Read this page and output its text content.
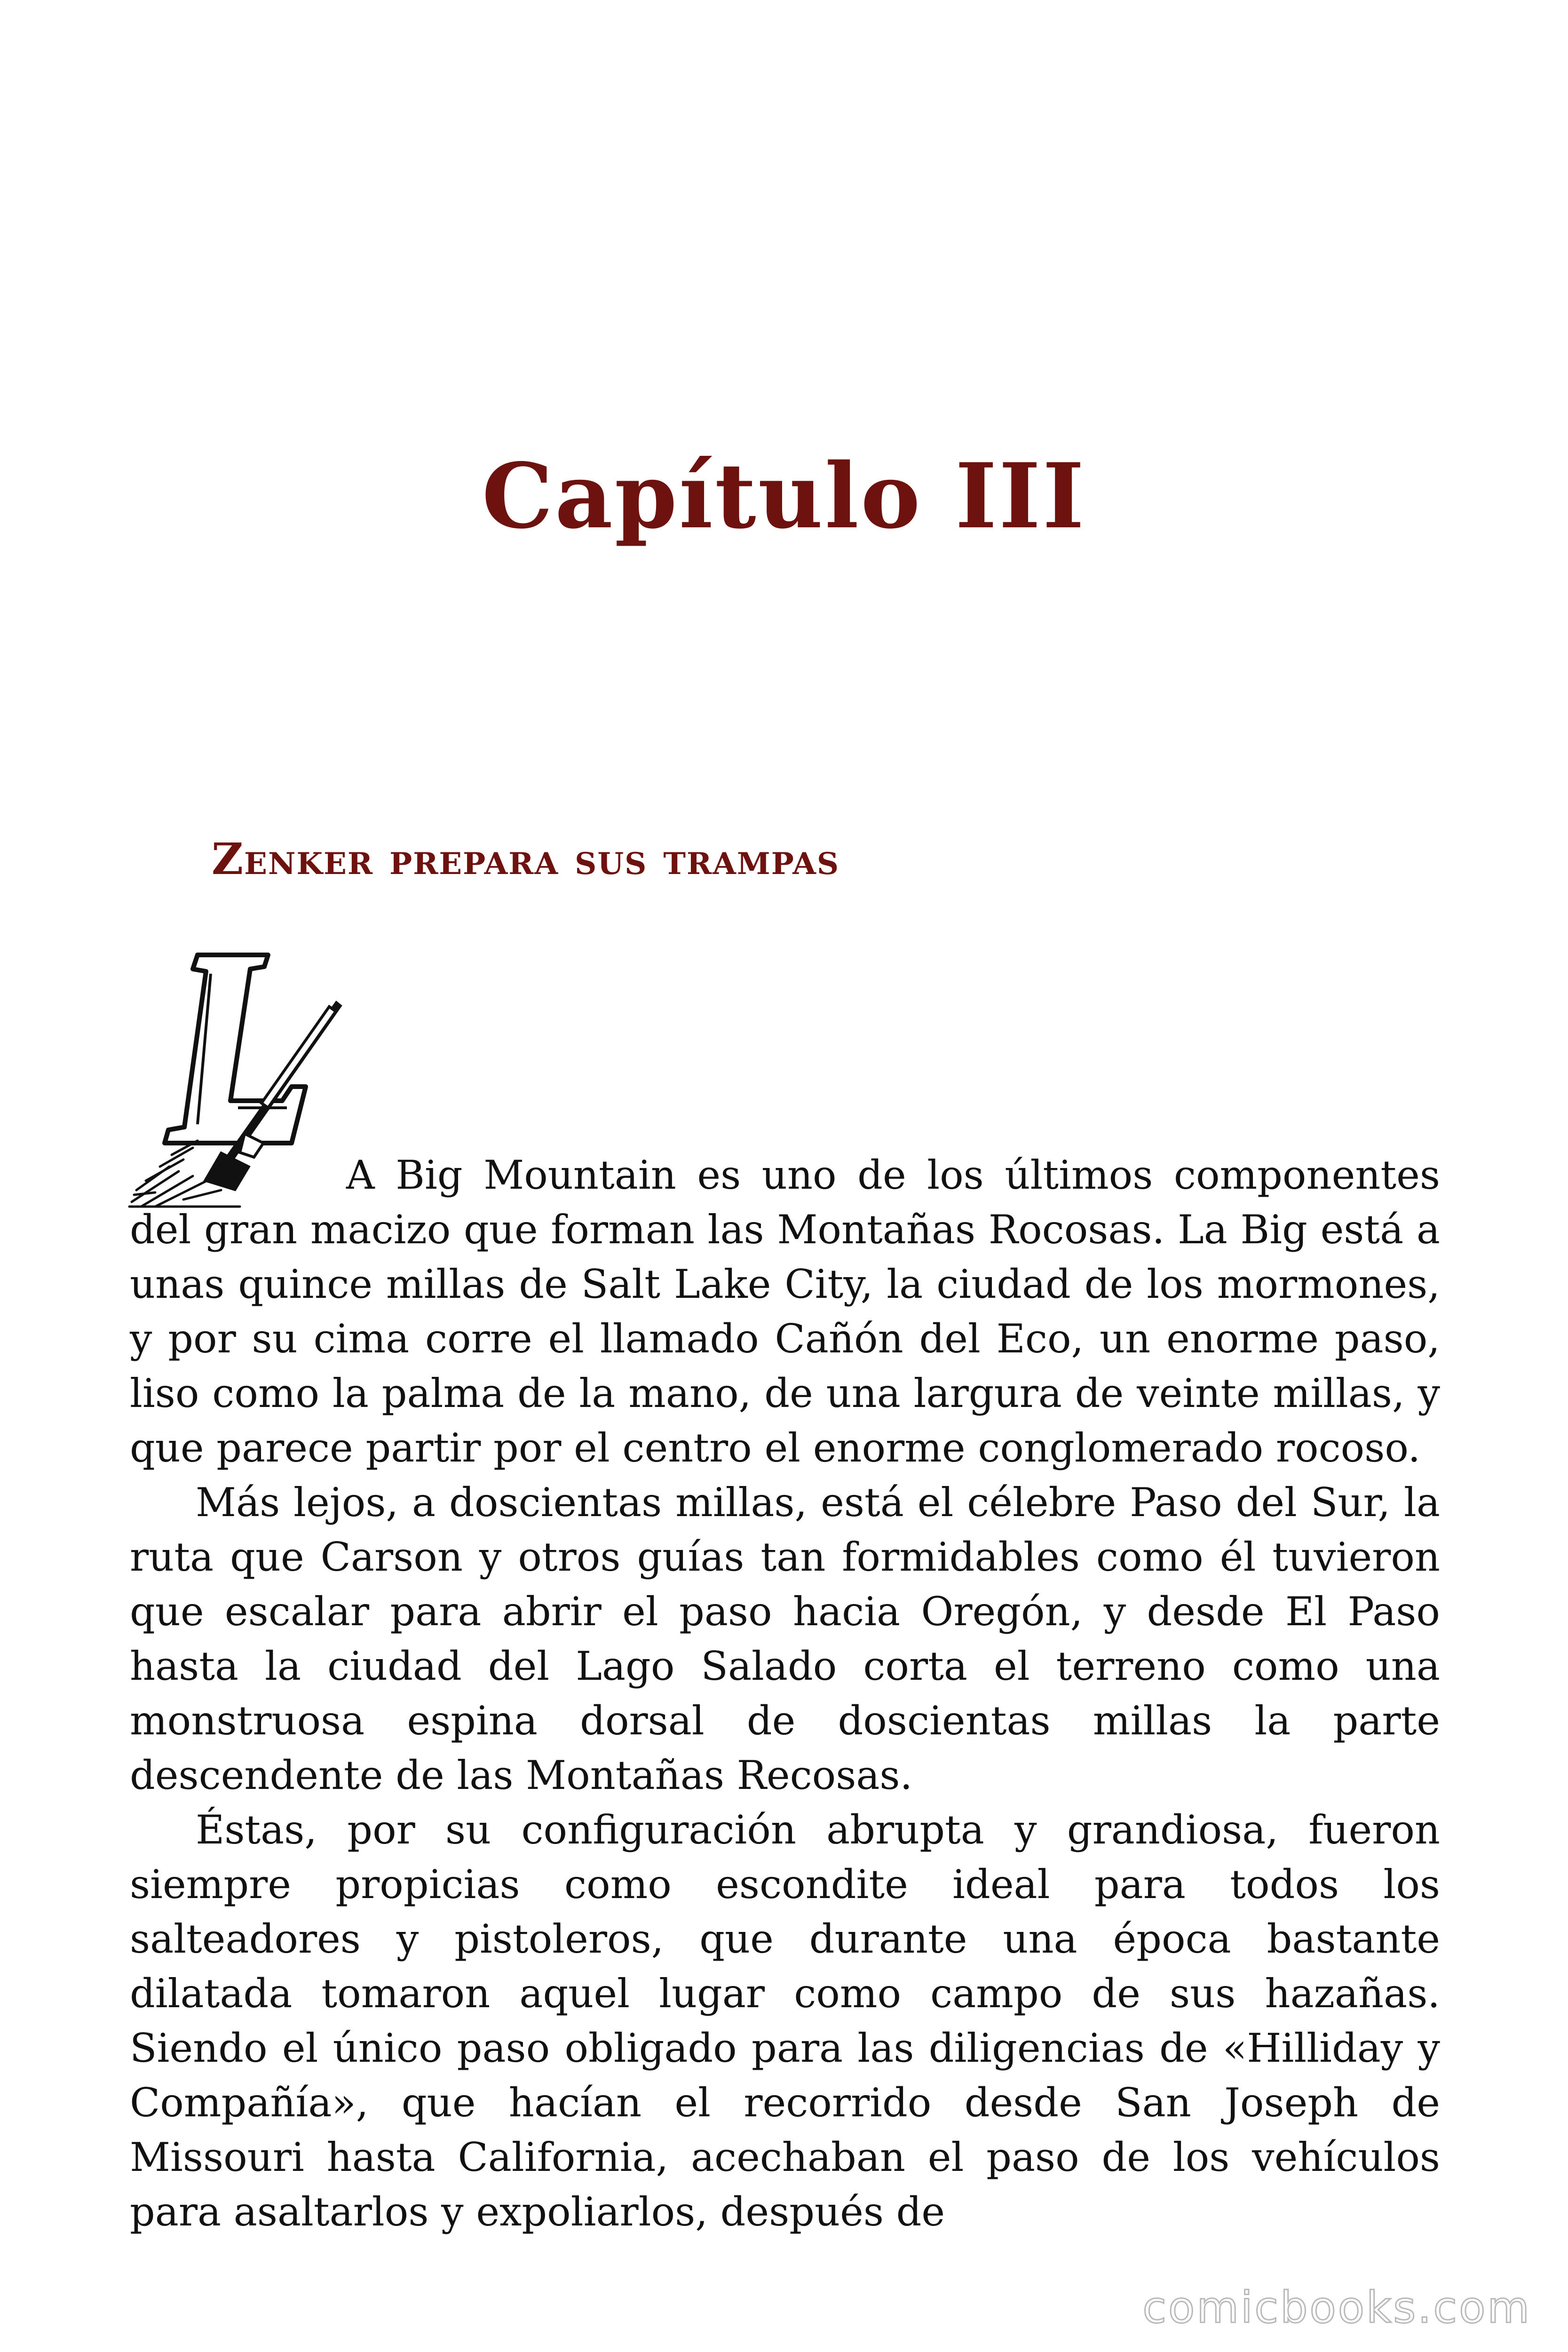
Capítulo III
Zenker prepara sus trampas

A Big Mountain es uno de los últimos componentes del gran macizo que forman las Montañas Rocosas. La Big está a unas quince millas de Salt Lake City, la ciudad de los mormones, y por su cima corre el llamado Cañón del Eco, un enorme paso, liso como la palma de la mano, de una largura de veinte millas, y que parece partir por el centro el enorme conglomerado rocoso.

Más lejos, a doscientas millas, está el célebre Paso del Sur, la ruta que Carson y otros guías tan formidables como él tuvieron que escalar para abrir el paso hacia Oregón, y desde El Paso hasta la ciudad del Lago Salado corta el terreno como una monstruosa espina dorsal de doscientas millas la parte descendente de las Montañas Recosas.

Éstas, por su configuración abrupta y grandiosa, fueron siempre propicias como escondite ideal para todos los salteadores y pistoleros, que durante una época bastante dilatada tomaron aquel lugar como campo de sus hazañas. Siendo el único paso obligado para las diligencias de «Hilliday y Compañía», que hacían el recorrido desde San Joseph de Missouri hasta California, acechaban el paso de los vehículos para asaltarlos y expoliarlos, después de

comicbooks.com
